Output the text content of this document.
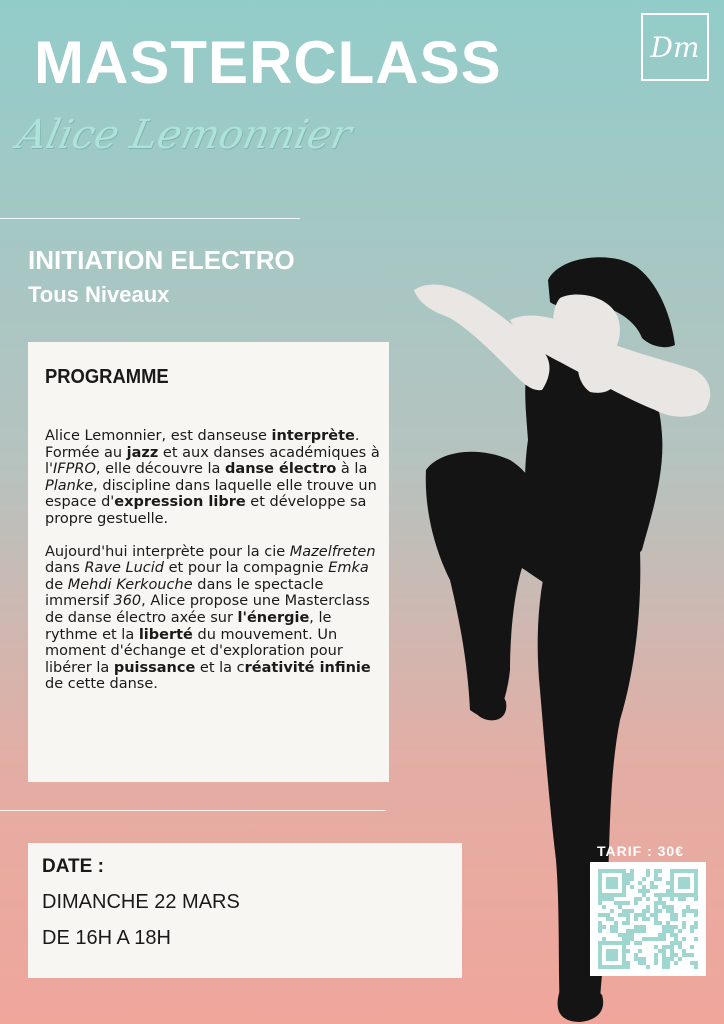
MASTERCLASS
Alice Lemonnier
Dm
INITIATION ELECTRO
Tous Niveaux
PROGRAMME

Alice Lemonnier, est danseuse interprète. Formée au jazz et aux danses académiques à l'IFPRO, elle découvre la danse électro à la Planke, discipline dans laquelle elle trouve un espace d'expression libre et développe sa propre gestuelle.

Aujourd'hui interprète pour la cie Mazelfreten dans Rave Lucid et pour la compagnie Emka de Mehdi Kerkouche dans le spectacle immersif 360, Alice propose une Masterclass de danse électro axée sur l'énergie, le rythme et la liberté du mouvement. Un moment d'échange et d'exploration pour libérer la puissance et la créativité infinie de cette danse.

DATE :
DIMANCHE 22 MARS
DE 16H A 18H
TARIF : 30€
